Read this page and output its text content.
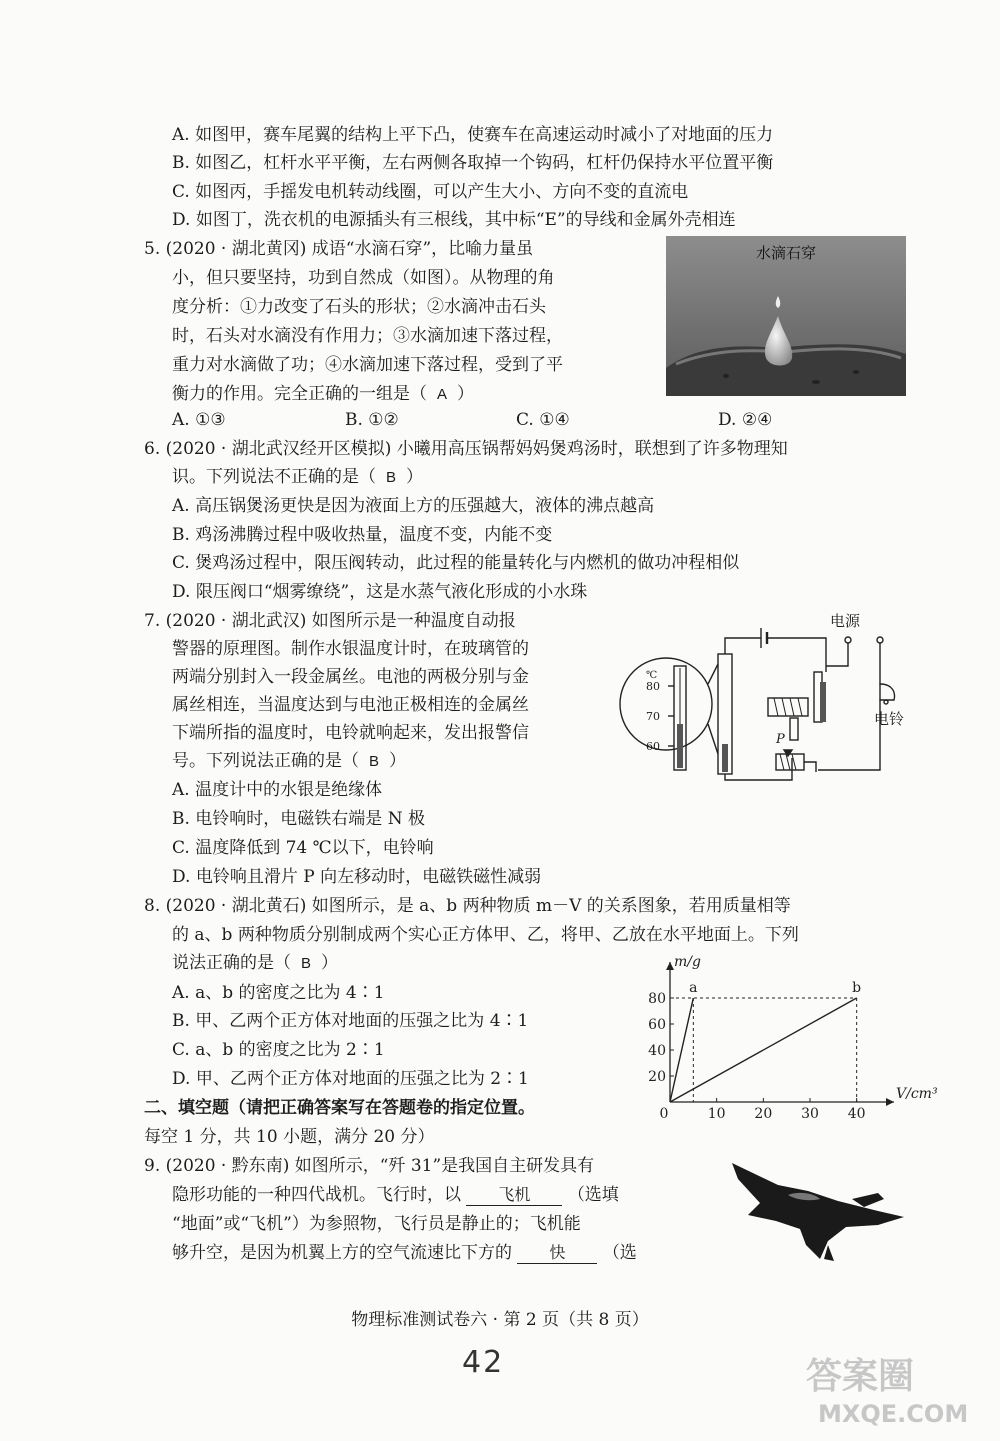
A. 如图甲，赛车尾翼的结构上平下凸，使赛车在高速运动时减小了对地面的压力
B. 如图乙，杠杆水平平衡，左右两侧各取掉一个钩码，杠杆仍保持水平位置平衡
C. 如图丙，手摇发电机转动线圈，可以产生大小、方向不变的直流电
D. 如图丁，洗衣机的电源插头有三根线，其中标“E”的导线和金属外壳相连
5. (2020 · 湖北黄冈) 成语“水滴石穿”，比喻力量虽
小，但只要坚持，功到自然成（如图）。从物理的角
度分析：①力改变了石头的形状；②水滴冲击石头
时，石头对水滴没有作用力；③水滴加速下落过程，
重力对水滴做了功；④水滴加速下落过程，受到了平
衡力的作用。完全正确的一组是（ A ）
A. ①③	B. ①②	C. ①④	D. ②④
水滴石穿
6. (2020 · 湖北武汉经开区模拟) 小曦用高压锅帮妈妈煲鸡汤时，联想到了许多物理知
识。下列说法不正确的是（ B ）
A. 高压锅煲汤更快是因为液面上方的压强越大，液体的沸点越高
B. 鸡汤沸腾过程中吸收热量，温度不变，内能不变
C. 煲鸡汤过程中，限压阀转动，此过程的能量转化与内燃机的做功冲程相似
D. 限压阀口“烟雾缭绕”，这是水蒸气液化形成的小水珠
7. (2020 · 湖北武汉) 如图所示是一种温度自动报
警器的原理图。制作水银温度计时，在玻璃管的
两端分别封入一段金属丝。电池的两极分别与金
属丝相连，当温度达到与电池正极相连的金属丝
下端所指的温度时，电铃就响起来，发出报警信
号。下列说法正确的是（ B ）
A. 温度计中的水银是绝缘体
B. 电铃响时，电磁铁右端是 N 极
C. 温度降低到 74 ℃以下，电铃响
D. 电铃响且滑片 P 向左移动时，电磁铁磁性减弱
电源
电铃
℃
80
70
60	P
8. (2020 · 湖北黄石) 如图所示，是 a、b 两种物质 m－V 的关系图象，若用质量相等
的 a、b 两种物质分别制成两个实心正方体甲、乙，将甲、乙放在水平地面上。下列
说法正确的是（ B ）
A. a、b 的密度之比为 4∶1
B. 甲、乙两个正方体对地面的压强之比为 4∶1
C. a、b 的密度之比为 2∶1
D. 甲、乙两个正方体对地面的压强之比为 2∶1
10 20 30 40
20
40
60
80
m/g
V/cm³
a	b
0
二、填空题（请把正确答案写在答题卷的指定位置。
每空 1 分，共 10 小题，满分 20 分）
9. (2020 · 黔东南) 如图所示，“歼 31”是我国自主研发具有
隐形功能的一种四代战机。飞行时，以 飞机 （选填
“地面”或“飞机”）为参照物，飞行员是静止的；飞机能
够升空，是因为机翼上方的空气流速比下方的 快 （选
物理标准测试卷六 · 第 2 页（共 8 页）
42	答案圈
MXQE.COM
